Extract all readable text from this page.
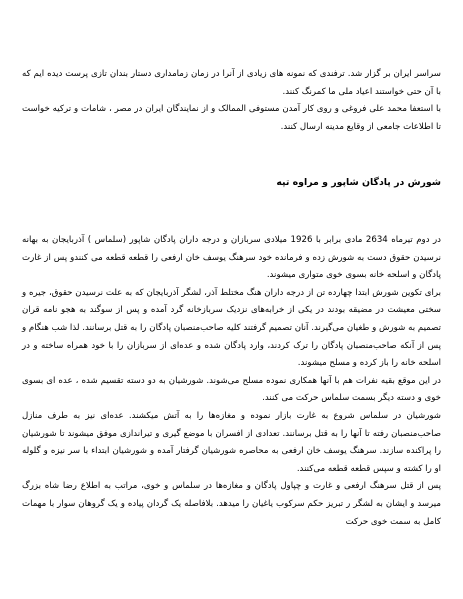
سراسر ایران بر گزار شد. ترفندی که نمونه های زیادی از آنرا در زمان زمامداری دستار بندان تازی پرست دیده ایم که با آن حتی خواستند اعیاد ملی ما کمرنگ کنند.

با استعفا محمد علی فروغی و روی کار آمدن مستوفی الممالک و از نمایندگان ایران در مصر ، شامات و ترکیه خواست تا اطلاعات جامعی از وقایع مدینه ارسال کنند.

شورش در پادگان شاپور و مراوه تپه

در دوم تیرماه 2634 مادی برابر با 1926 میلادی سربازان و درجه داران پادگان شاپور (سلماس ) آذربایجان به بهانه نرسیدن حقوق دست به شورش زده و فرمانده خود سرهنگ یوسف خان ارفعی را قطعه قطعه می کنندو پس از غارت پادگان و اسلحه خانه بسوی خوی متواری میشوند.

برای تکوین شورش ابتدا چهارده تن از درجه داران هنگ مختلط آذر، لشگر آذربایجان که به علت نرسیدن حقوق، جیره و سختی معیشت در مضیقه بودند در یکی از خرابه‌های نزدیک سربازخانه گرد آمده و پس از سوگند به هجو نامه قران تصمیم به شورش و طغیان می‌گیرند. آنان تصمیم گرفتند کلیه صاحب‌منصبان پادگان را به قتل برسانند. لذا شب هنگام و پس از آنکه صاحب‌منصبان پادگان را ترک کردند، وارد پادگان شده و عده‌ای از سربازان را با خود همراه ساخته و در اسلحه خانه را باز کرده و مسلح میشوند.

در این موقع بقیه نفرات هم با آنها همکاری نموده مسلح می‌شوند. شورشیان به دو دسته تقسیم شده ، عده ای بسوی خوی و دسته دیگر بسمت سلماس حرکت می کنند.

شورشیان در سلماس شروع به غارت بازار نموده و مغازه‌ها را به آتش میکشند. عده‌ای نیز به طرف منازل صاحب‌منصبان رفته تا آنها را به قتل برسانند. تعدادی از افسران با موضع گیری و تیراندازی موفق میشوند تا شورشیان را پراکنده سازند. سرهنگ یوسف خان ارفعی به محاصره شورشیان گرفتار آمده و شورشیان ابتداء با سر نیزه و گلوله او را کشته و سپس قطعه قطعه می‌کنند.

پس از قتل سرهنگ ارفعی و غارت و چپاول پادگان و مغازه‌ها در سلماس و خوی، مراتب به اطلاع رضا شاه بزرگ میرسد و ایشان به لشگر ر تبریز حکم سرکوب یاغیان را میدهد. بلافاصله یک گردان پیاده و یک گروهان سوار با مهمات کامل به سمت خوی حرکت
